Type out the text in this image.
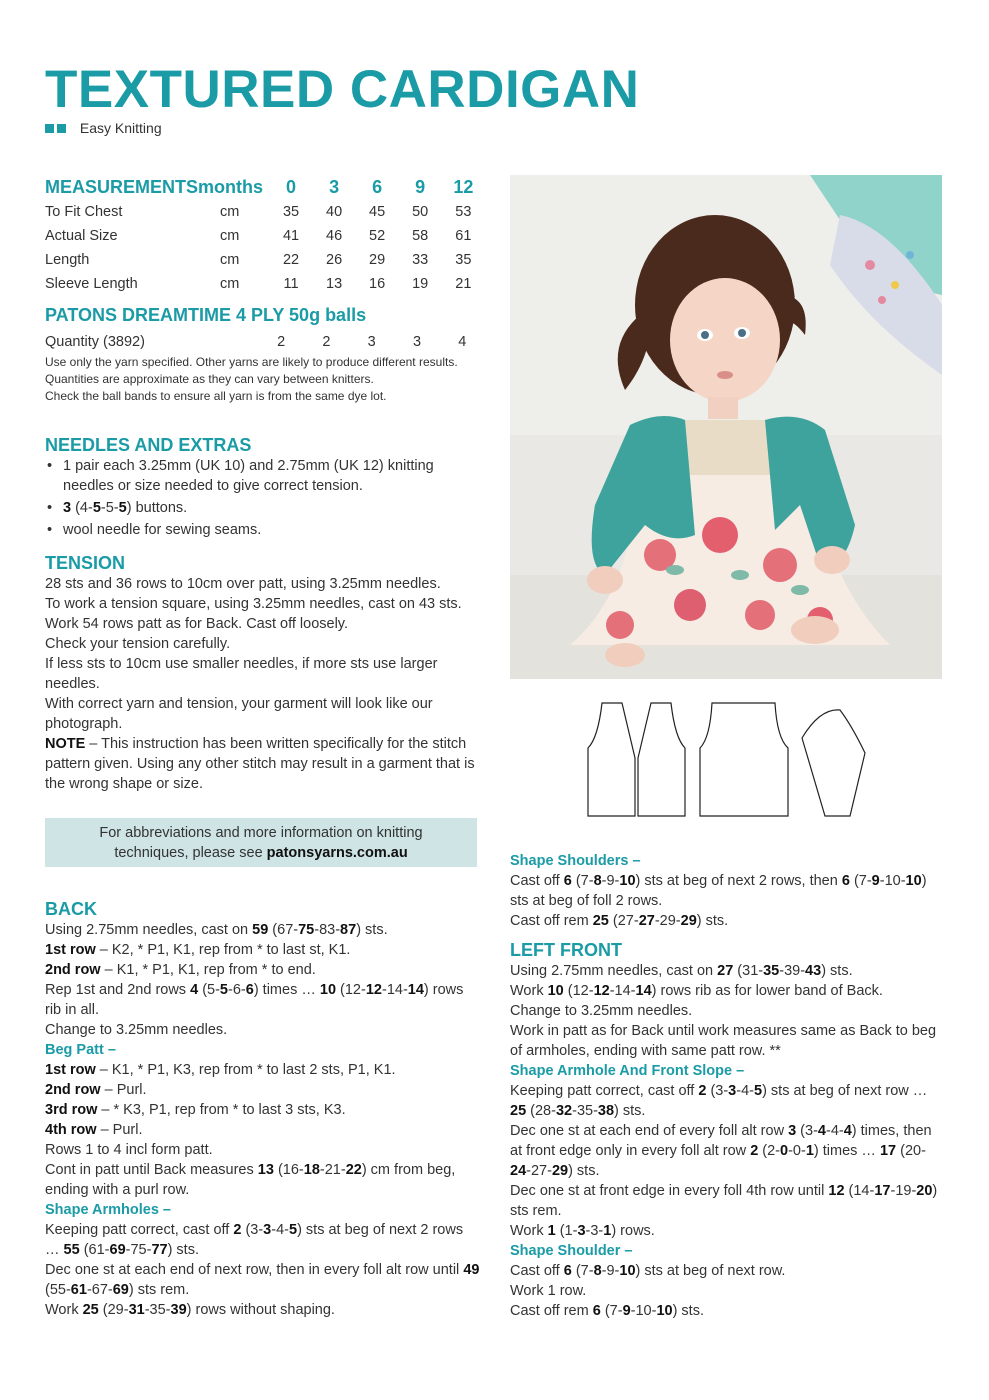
TEXTURED CARDIGAN
Easy Knitting
MEASUREMENTS	months	0	3	6	9	12
To Fit Chest	cm	35	40	45	50	53
Actual Size	cm	41	46	52	58	61
Length	cm	22	26	29	33	35
Sleeve Length	cm	11	13	16	19	21
PATONS DREAMTIME 4 PLY 50g balls
Quantity (3892)	2	2	3	3	4

Use only the yarn specified. Other yarns are likely to produce different results.

Quantities are approximate as they can vary between knitters.

Check the ball bands to ensure all yarn is from the same dye lot.

NEEDLES AND EXTRAS
• 1 pair each 3.25mm (UK 10) and 2.75mm (UK 12) knitting needles or size needed to give correct tension.
• 3 (4-5-5-5) buttons.
• wool needle for sewing seams.
TENSION

28 sts and 36 rows to 10cm over patt, using 3.25mm needles.

To work a tension square, using 3.25mm needles, cast on 43 sts.

Work 54 rows patt as for Back. Cast off loosely.

Check your tension carefully.

If less sts to 10cm use smaller needles, if more sts use larger needles.

With correct yarn and tension, your garment will look like our photograph.

NOTE – This instruction has been written specifically for the stitch pattern given. Using any other stitch may result in a garment that is the wrong shape or size.

For abbreviations and more information on knitting

techniques, please see patonsyarns.com.au

BACK

Using 2.75mm needles, cast on 59 (67-75-83-87) sts.

1st row – K2, * P1, K1, rep from * to last st, K1.

2nd row – K1, * P1, K1, rep from * to end.

Rep 1st and 2nd rows 4 (5-5-6-6) times … 10 (12-12-14-14) rows rib in all.

Change to 3.25mm needles.

Beg Patt –

1st row – K1, * P1, K3, rep from * to last 2 sts, P1, K1.

2nd row – Purl.

3rd row – * K3, P1, rep from * to last 3 sts, K3.

4th row – Purl.

Rows 1 to 4 incl form patt.

Cont in patt until Back measures 13 (16-18-21-22) cm from beg, ending with a purl row.

Shape Armholes –

Keeping patt correct, cast off 2 (3-3-4-5) sts at beg of next 2 rows … 55 (61-69-75-77) sts.

Dec one st at each end of next row, then in every foll alt row until 49 (55-61-67-69) sts rem.

Work 25 (29-31-35-39) rows without shaping.

Shape Shoulders –

Cast off 6 (7-8-9-10) sts at beg of next 2 rows, then 6 (7-9-10-10) sts at beg of foll 2 rows.

Cast off rem 25 (27-27-29-29) sts.

LEFT FRONT

Using 2.75mm needles, cast on 27 (31-35-39-43) sts.

Work 10 (12-12-14-14) rows rib as for lower band of Back.

Change to 3.25mm needles.

Work in patt as for Back until work measures same as Back to beg of armholes, ending with same patt row. **

Shape Armhole And Front Slope –

Keeping patt correct, cast off 2 (3-3-4-5) sts at beg of next row … 25 (28-32-35-38) sts.

Dec one st at each end of every foll alt row 3 (3-4-4-4) times, then at front edge only in every foll alt row 2 (2-0-0-1) times … 17 (20-24-27-29) sts.

Dec one st at front edge in every foll 4th row until 12 (14-17-19-20) sts rem.

Work 1 (1-3-3-1) rows.

Shape Shoulder –

Cast off 6 (7-8-9-10) sts at beg of next row.

Work 1 row.

Cast off rem 6 (7-9-10-10) sts.
